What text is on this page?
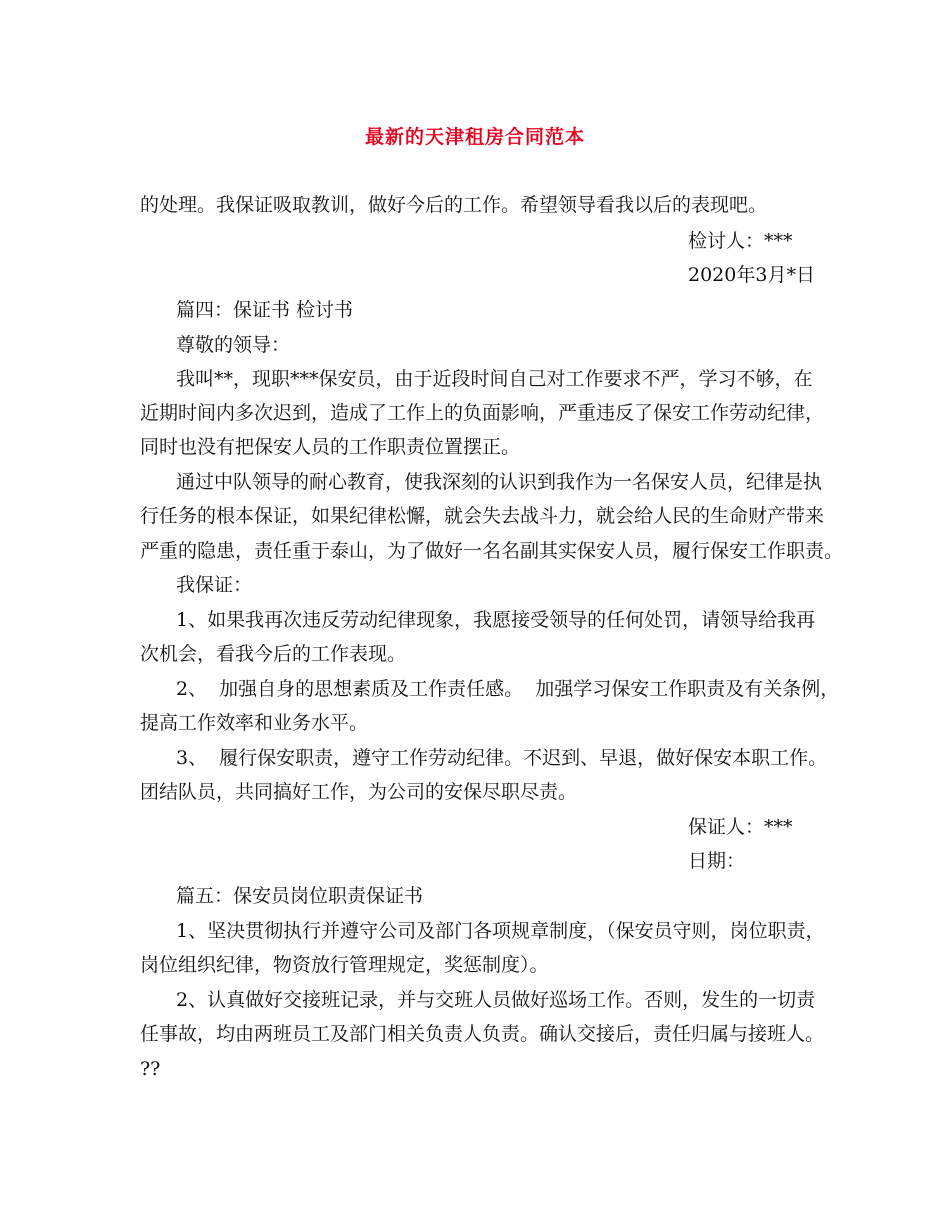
最新的天津租房合同范本
的处理。我保证吸取教训，做好今后的工作。希望领导看我以后的表现吧。
检讨人：***
2020年3月*日
篇四：保证书 检讨书
尊敬的领导：
我叫**，现职***保安员，由于近段时间自己对工作要求不严，学习不够，在
近期时间内多次迟到，造成了工作上的负面影响，严重违反了保安工作劳动纪律，
同时也没有把保安人员的工作职责位置摆正。
通过中队领导的耐心教育，使我深刻的认识到我作为一名保安人员，纪律是执
行任务的根本保证，如果纪律松懈，就会失去战斗力，就会给人民的生命财产带来
严重的隐患，责任重于泰山，为了做好一名名副其实保安人员，履行保安工作职责。
我保证：
1、如果我再次违反劳动纪律现象，我愿接受领导的任何处罚，请领导给我再
次机会，看我今后的工作表现。
2、  加强自身的思想素质及工作责任感。  加强学习保安工作职责及有关条例，
提高工作效率和业务水平。
3、  履行保安职责，遵守工作劳动纪律。不迟到、早退，做好保安本职工作。
团结队员，共同搞好工作，为公司的安保尽职尽责。
保证人：***
日期：
篇五：保安员岗位职责保证书
1、坚决贯彻执行并遵守公司及部门各项规章制度，（保安员守则，岗位职责，
岗位组织纪律，物资放行管理规定，奖惩制度）。
2、认真做好交接班记录，并与交班人员做好巡场工作。否则，发生的一切责
任事故，均由两班员工及部门相关负责人负责。确认交接后，责任归属与接班人。
??
